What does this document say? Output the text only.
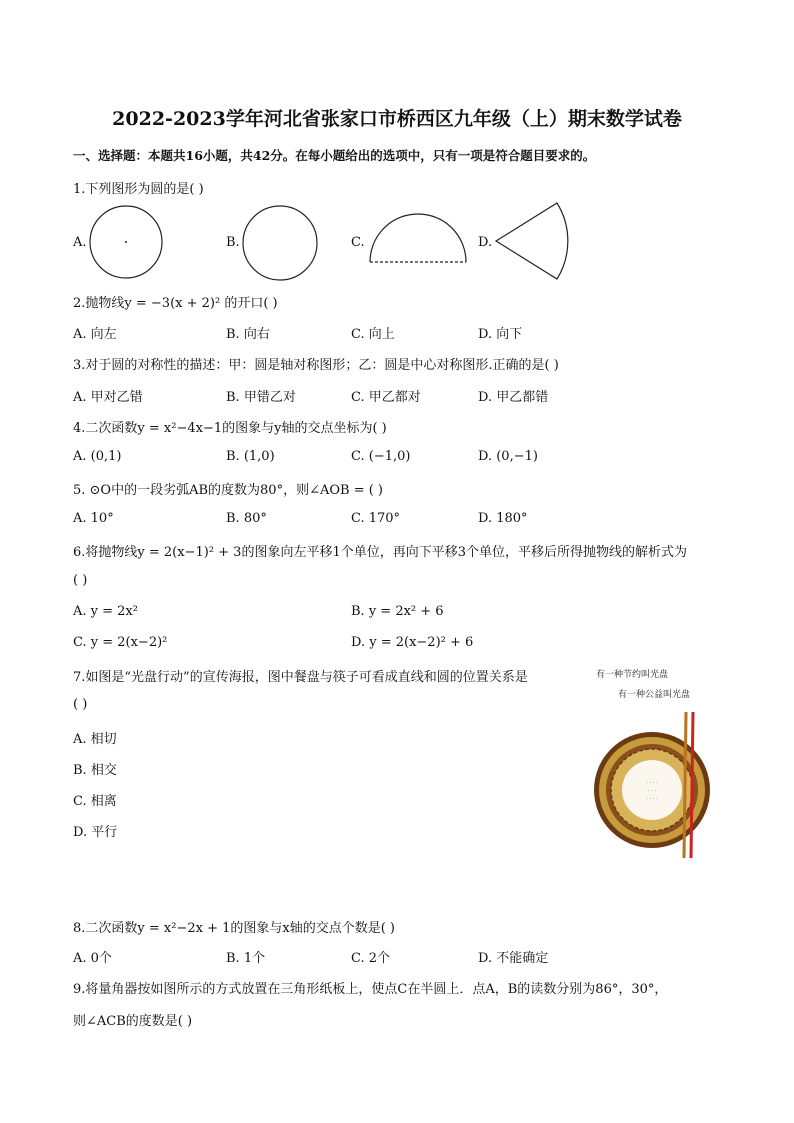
2022-2023学年河北省张家口市桥西区九年级（上）期末数学试卷
一、选择题：本题共16小题，共42分。在每小题给出的选项中，只有一项是符合题目要求的。
1.下列图形为圆的是( )
A.	B.	C.	D.
2.抛物线y = −3(x + 2)² 的开口( )
A. 向左	B. 向右	C. 向上	D. 向下
3.对于圆的对称性的描述：甲：圆是轴对称图形；乙：圆是中心对称图形.正确的是( )
A. 甲对乙错	B. 甲错乙对	C. 甲乙都对	D. 甲乙都错
4.二次函数y = x²−4x−1的图象与y轴的交点坐标为( )
A. (0,1)	B. (1,0)	C. (−1,0)	D. (0,−1)
5. ⊙O中的一段劣弧AB的度数为80°，则∠AOB = ( )
A. 10°	B. 80°	C. 170°	D. 180°
6.将抛物线y = 2(x−1)² + 3的图象向左平移1个单位，再向下平移3个单位，平移后所得抛物线的解析式为
( )
A. y = 2x²	B. y = 2x² + 6
C. y = 2(x−2)²	D. y = 2(x−2)² + 6
7.如图是“光盘行动”的宣传海报，图中餐盘与筷子可看成直线和圆的位置关系是
( )
A. 相切
B. 相交
C. 相离
D. 平行
有一种节约叫光盘
有一种公益叫光盘
· · · ·
· · ·
· · · ·
8.二次函数y = x²−2x + 1的图象与x轴的交点个数是( )
A. 0个	B. 1个	C. 2个	D. 不能确定
9.将量角器按如图所示的方式放置在三角形纸板上，使点C在半圆上．点A，B的读数分别为86°，30°，
则∠ACB的度数是( )
